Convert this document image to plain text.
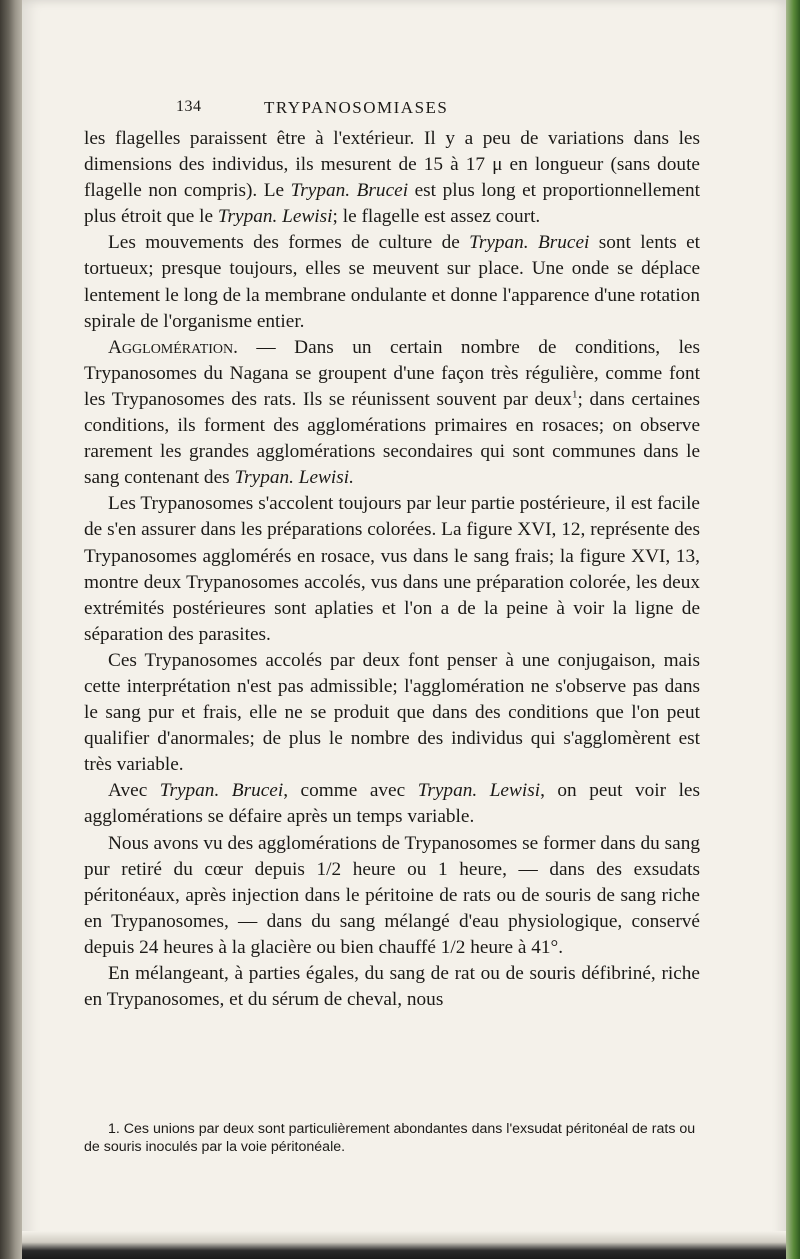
134	TRYPANOSOMIASES

les flagelles paraissent être à l'extérieur. Il y a peu de variations dans les dimensions des individus, ils mesurent de 15 à 17 μ en longueur (sans doute flagelle non compris). Le Trypan. Brucei est plus long et proportionnellement plus étroit que le Trypan. Lewisi; le flagelle est assez court.

Les mouvements des formes de culture de Trypan. Brucei sont lents et tortueux; presque toujours, elles se meuvent sur place. Une onde se déplace lentement le long de la membrane ondulante et donne l'apparence d'une rotation spirale de l'organisme entier.

Agglomération. — Dans un certain nombre de conditions, les Trypanosomes du Nagana se groupent d'une façon très régulière, comme font les Trypanosomes des rats. Ils se réunissent souvent par deux$^1$; dans certaines conditions, ils forment des agglomérations primaires en rosaces; on observe rarement les grandes agglomérations secondaires qui sont communes dans le sang contenant des Trypan. Lewisi.

Les Trypanosomes s'accolent toujours par leur partie postérieure, il est facile de s'en assurer dans les préparations colorées. La figure XVI, 12, représente des Trypanosomes agglomérés en rosace, vus dans le sang frais; la figure XVI, 13, montre deux Trypanosomes accolés, vus dans une préparation colorée, les deux extrémités postérieures sont aplaties et l'on a de la peine à voir la ligne de séparation des parasites.

Ces Trypanosomes accolés par deux font penser à une conjugaison, mais cette interprétation n'est pas admissible; l'agglomération ne s'observe pas dans le sang pur et frais, elle ne se produit que dans des conditions que l'on peut qualifier d'anormales; de plus le nombre des individus qui s'agglomèrent est très variable.

Avec Trypan. Brucei, comme avec Trypan. Lewisi, on peut voir les agglomérations se défaire après un temps variable.

Nous avons vu des agglomérations de Trypanosomes se former dans du sang pur retiré du cœur depuis 1/2 heure ou 1 heure, — dans des exsudats péritonéaux, après injection dans le péritoine de rats ou de souris de sang riche en Trypanosomes, — dans du sang mélangé d'eau physiologique, conservé depuis 24 heures à la glacière ou bien chauffé 1/2 heure à 41°.

En mélangeant, à parties égales, du sang de rat ou de souris défibriné, riche en Trypanosomes, et du sérum de cheval, nous

1. Ces unions par deux sont particulièrement abondantes dans l'exsudat péritonéal de rats ou de souris inoculés par la voie péritonéale.
